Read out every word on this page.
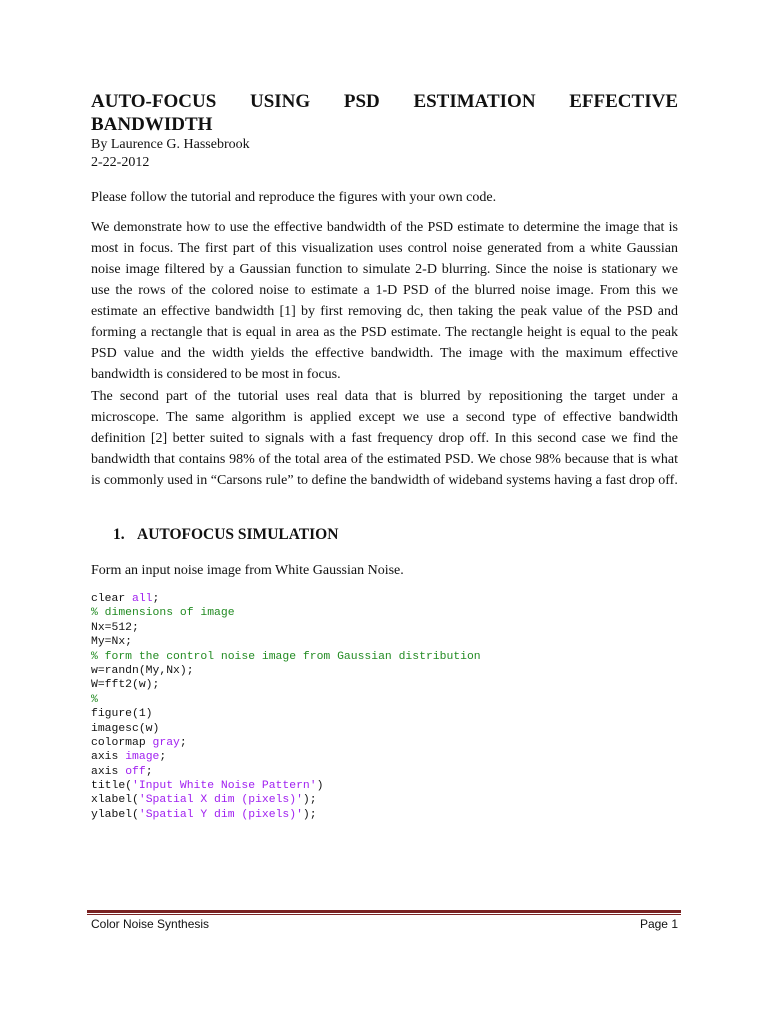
AUTO-FOCUS USING PSD ESTIMATION EFFECTIVE
BANDWIDTH

By Laurence G. Hassebrook

2-22-2012

Please follow the tutorial and reproduce the figures with your own code.

We demonstrate how to use the effective bandwidth of the PSD estimate to determine the image that is most in focus. The first part of this visualization uses control noise generated from a white Gaussian noise image filtered by a Gaussian function to simulate 2-D blurring. Since the noise is stationary we use the rows of the colored noise to estimate a 1-D PSD of the blurred noise image. From this we estimate an effective bandwidth [1] by first removing dc, then taking the peak value of the PSD and forming a rectangle that is equal in area as the PSD estimate. The rectangle height is equal to the peak PSD value and the width yields the effective bandwidth. The image with the maximum effective bandwidth is considered to be most in focus.

The second part of the tutorial uses real data that is blurred by repositioning the target under a microscope. The same algorithm is applied except we use a second type of effective bandwidth definition [2] better suited to signals with a fast frequency drop off. In this second case we find the bandwidth that contains 98% of the total area of the estimated PSD. We chose 98% because that is what is commonly used in “Carsons rule” to define the bandwidth of wideband systems having a fast drop off.

1. AUTOFOCUS SIMULATION

Form an input noise image from White Gaussian Noise.

clear all;
% dimensions of image
Nx=512;
My=Nx;
% form the control noise image from Gaussian distribution
w=randn(My,Nx);
W=fft2(w);
%
figure(1)
imagesc(w)
colormap gray;
axis image;
axis off;
title('Input White Noise Pattern')
xlabel('Spatial X dim (pixels)');
ylabel('Spatial Y dim (pixels)');
Color Noise Synthesis	Page 1
